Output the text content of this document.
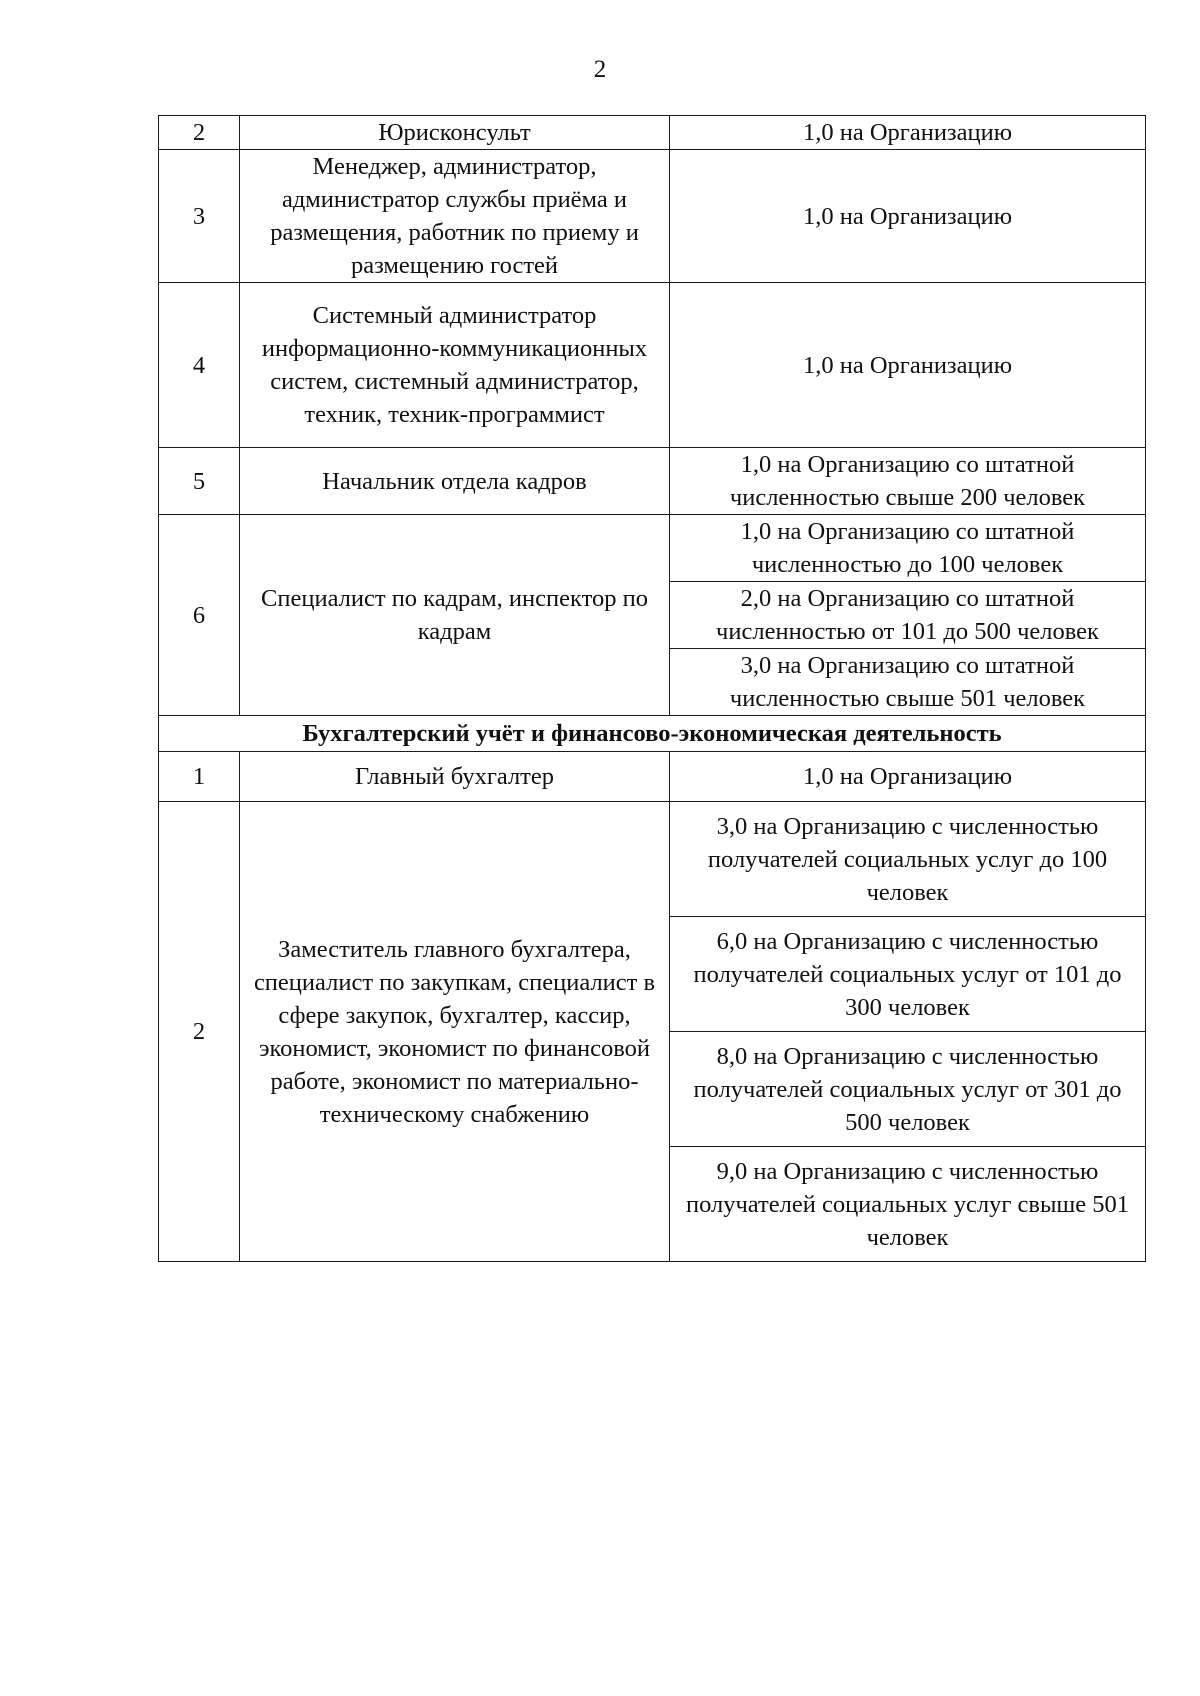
2
2	Юрисконсульт	1,0 на Организацию
3	Менеджер, администратор, администратор службы приёма и размещения, работник по приему и размещению гостей	1,0 на Организацию
4	Системный администратор информационно-коммуникационных систем, системный администратор, техник, техник-программист	1,0 на Организацию
5	Начальник отдела кадров	1,0 на Организацию со штатной численностью свыше 200 человек
6	Специалист по кадрам, инспектор по кадрам	1,0 на Организацию со штатной численностью до 100 человек
		2,0 на Организацию со штатной численностью от 101 до 500 человек
		3,0 на Организацию со штатной численностью свыше 501 человек
Бухгалтерский учёт и финансово-экономическая деятельность		
1	Главный бухгалтер	1,0 на Организацию
2	Заместитель главного бухгалтера, специалист по закупкам, специалист в сфере закупок, бухгалтер, кассир, экономист, экономист по финансовой работе, экономист по материально-техническому снабжению	3,0 на Организацию с численностью получателей социальных услуг до 100 человек
		6,0 на Организацию с численностью получателей социальных услуг от 101 до 300 человек
		8,0 на Организацию с численностью получателей социальных услуг от 301 до 500 человек
		9,0 на Организацию с численностью получателей социальных услуг свыше 501 человек
